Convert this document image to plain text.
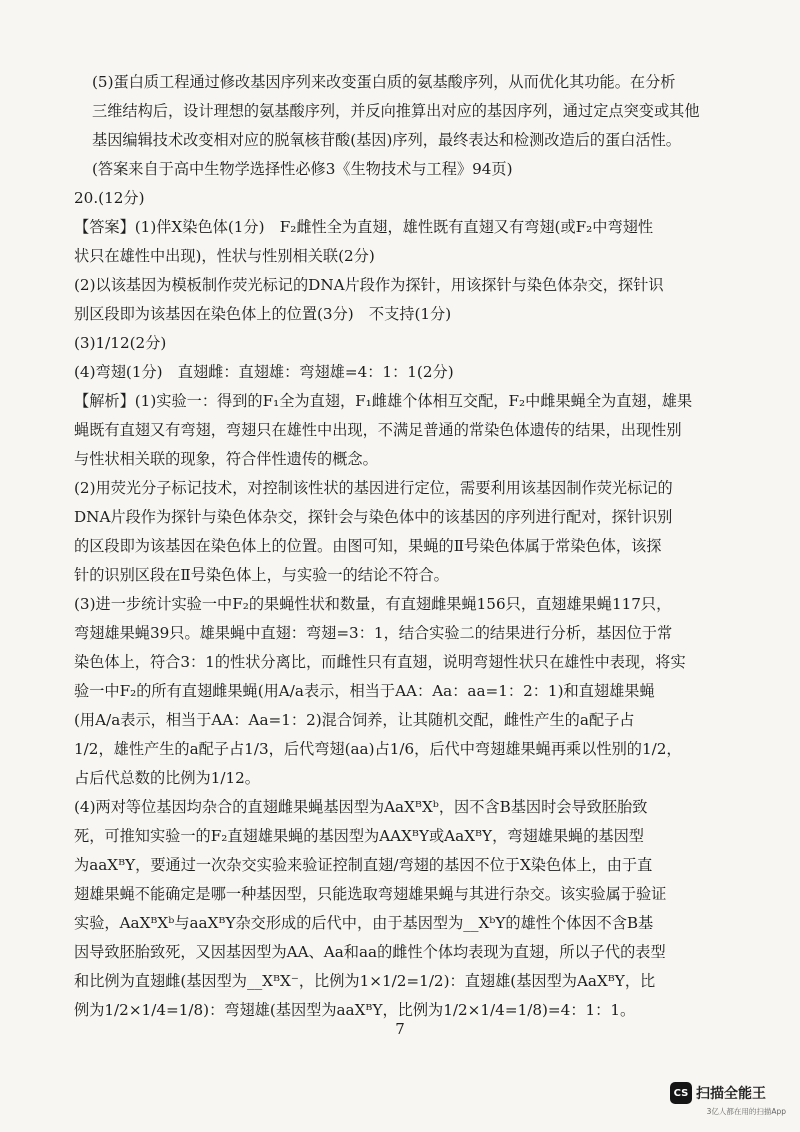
(5)蛋白质工程通过修改基因序列来改变蛋白质的氨基酸序列，从而优化其功能。在分析

三维结构后，设计理想的氨基酸序列，并反向推算出对应的基因序列，通过定点突变或其他

基因编辑技术改变相对应的脱氧核苷酸(基因)序列，最终表达和检测改造后的蛋白活性。

(答案来自于高中生物学选择性必修3《生物技术与工程》94页)

20.(12分)

【答案】(1)伴X染色体(1分)　F₂雌性全为直翅，雄性既有直翅又有弯翅(或F₂中弯翅性

状只在雄性中出现)，性状与性别相关联(2分)

(2)以该基因为模板制作荧光标记的DNA片段作为探针，用该探针与染色体杂交，探针识

别区段即为该基因在染色体上的位置(3分)　不支持(1分)

(3)1/12(2分)

(4)弯翅(1分)　直翅雌：直翅雄：弯翅雄=4：1：1(2分)

【解析】(1)实验一：得到的F₁全为直翅，F₁雌雄个体相互交配，F₂中雌果蝇全为直翅，雄果

蝇既有直翅又有弯翅，弯翅只在雄性中出现，不满足普通的常染色体遗传的结果，出现性别

与性状相关联的现象，符合伴性遗传的概念。

(2)用荧光分子标记技术，对控制该性状的基因进行定位，需要利用该基因制作荧光标记的

DNA片段作为探针与染色体杂交，探针会与染色体中的该基因的序列进行配对，探针识别

的区段即为该基因在染色体上的位置。由图可知，果蝇的Ⅱ号染色体属于常染色体，该探

针的识别区段在Ⅱ号染色体上，与实验一的结论不符合。

(3)进一步统计实验一中F₂的果蝇性状和数量，有直翅雌果蝇156只，直翅雄果蝇117只，

弯翅雄果蝇39只。雄果蝇中直翅：弯翅=3：1，结合实验二的结果进行分析，基因位于常

染色体上，符合3：1的性状分离比，而雌性只有直翅，说明弯翅性状只在雄性中表现，将实

验一中F₂的所有直翅雌果蝇(用A/a表示，相当于AA：Aa：aa=1：2：1)和直翅雄果蝇

(用A/a表示，相当于AA：Aa=1：2)混合饲养，让其随机交配，雌性产生的a配子占

1/2，雄性产生的a配子占1/3，后代弯翅(aa)占1/6，后代中弯翅雄果蝇再乘以性别的1/2，

占后代总数的比例为1/12。

(4)两对等位基因均杂合的直翅雌果蝇基因型为AaXᴮXᵇ，因不含B基因时会导致胚胎致

死，可推知实验一的F₂直翅雄果蝇的基因型为AAXᴮY或AaXᴮY，弯翅雄果蝇的基因型

为aaXᴮY，要通过一次杂交实验来验证控制直翅/弯翅的基因不位于X染色体上，由于直

翅雄果蝇不能确定是哪一种基因型，只能选取弯翅雄果蝇与其进行杂交。该实验属于验证

实验，AaXᴮXᵇ与aaXᴮY杂交形成的后代中，由于基因型为__XᵇY的雄性个体因不含B基

因导致胚胎致死，又因基因型为AA、Aa和aa的雌性个体均表现为直翅，所以子代的表型

和比例为直翅雌(基因型为__XᴮX⁻，比例为1×1/2=1/2)：直翅雄(基因型为AaXᴮY，比

例为1/2×1/4=1/8)：弯翅雄(基因型为aaXᴮY，比例为1/2×1/4=1/8)=4：1：1。

7
CS 扫描全能王
3亿人都在用的扫描App
